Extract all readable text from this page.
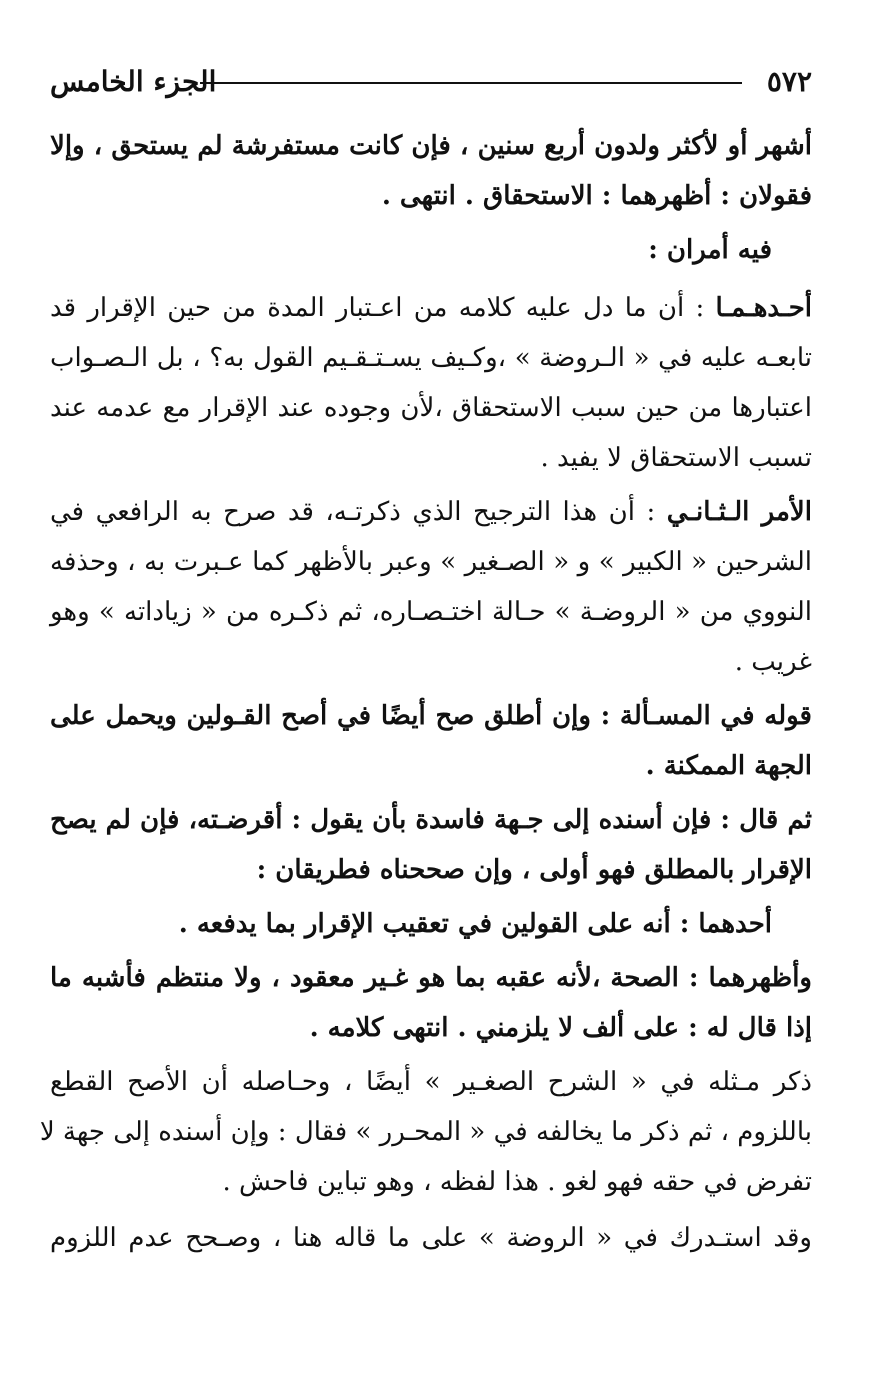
٥٧٢
الجزء الخامس
أشهر أو لأكثر ولدون أربع سنين ، فإن كانت مستفرشة لم يستحق ، وإلا
فقولان : أظهرهما : الاستحقاق . انتهى .
فيه أمران :
أحـدهـمـا : أن ما دل عليه كلامه من اعـتبار المدة من حين الإقرار قد
تابعـه عليه في « الـروضة » ،وكـيف يسـتـقـيم القول به؟ ، بل الـصـواب
اعتبارها من حين سبب الاستحقاق ،لأن وجوده عند الإقرار مع عدمه عند
تسبب الاستحقاق لا يفيد .
الأمر الـثـانـي : أن هذا الترجيح الذي ذكرتـه، قد صرح به الرافعي في
الشرحين « الكبير » و « الصـغير » وعبر بالأظهر كما عـبرت به ، وحذفه
النووي من « الروضـة » حـالة اختـصـاره، ثم ذكـره من « زياداته » وهو
غريب .
قوله في المسـألة : وإن أطلق صح أيضًا في أصح القـولين ويحمل على
الجهة الممكنة .
ثم قال : فإن أسنده إلى جـهة فاسدة بأن يقول : أقرضـته، فإن لم يصح
الإقرار بالمطلق فهو أولى ، وإن صححناه فطريقان :
أحدهما : أنه على القولين في تعقيب الإقرار بما يدفعه .
وأظهرهما : الصحة ،لأنه عقبه بما هو غـير معقود ، ولا منتظم فأشبه ما
إذا قال له : على ألف لا يلزمني . انتهى كلامه .
ذكر مـثله في « الشرح الصغـير » أيضًا ، وحـاصله أن الأصح القطع
باللزوم ، ثم ذكر ما يخالفه في « المحـرر » فقال : وإن أسنده إلى جهة لا
تفرض في حقه فهو لغو . هذا لفظه ، وهو تباين فاحش .
وقد استـدرك في « الروضة » على ما قاله هنا ، وصـحح عدم اللزوم
